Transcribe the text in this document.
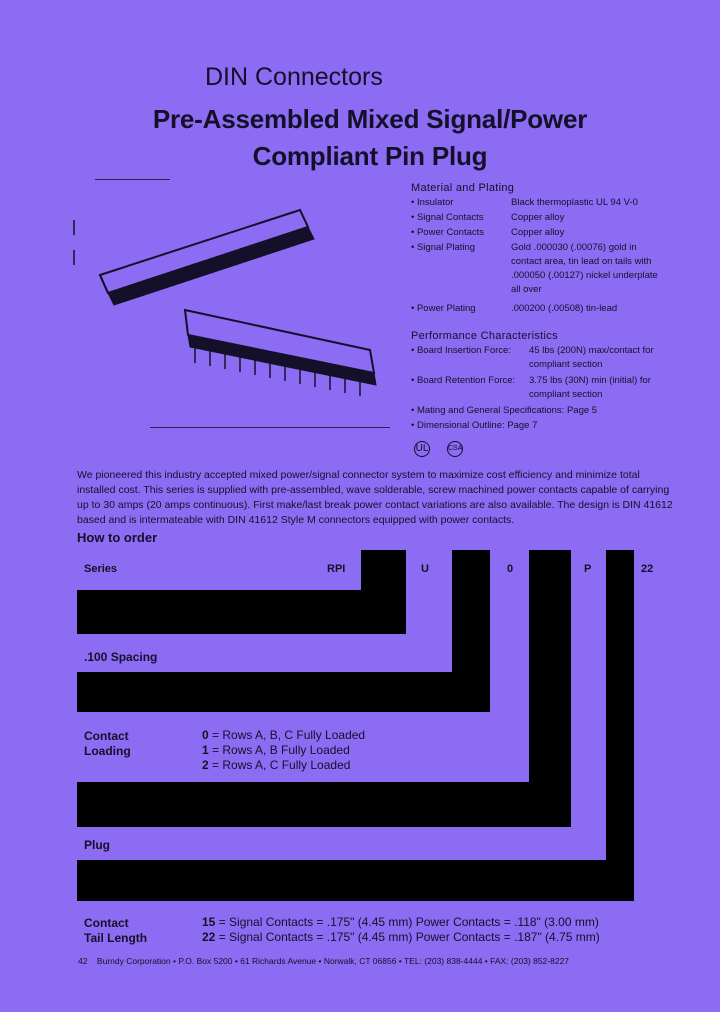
DIN Connectors
Pre-Assembled Mixed Signal/Power
Compliant Pin Plug
Material and Plating
• Insulator	Black thermoplastic UL 94 V-0
• Signal Contacts	Copper alloy
• Power Contacts	Copper alloy
• Signal Plating	Gold .000030 (.00076) gold in contact area, tin lead on tails with .000050 (.00127) nickel underplate all over
• Power Plating	.000200 (.00508) tin-lead
Performance Characteristics
• Board Insertion Force: 45 lbs (200N) max/contact for compliant section
• Board Retention Force: 3.75 lbs (30N) min (initial) for compliant section
• Mating and General Specifications: Page 5
• Dimensional Outline: Page 7
UL	CSA
We pioneered this industry accepted mixed power/signal connector system to maximize cost efficiency and minimize total installed cost. This series is supplied with pre-assembled, wave solderable, screw machined power contacts capable of carrying up to 30 amps (20 amps continuous). First make/last break power contact variations are also available. The design is DIN 41612 based and is intermateable with DIN 41612 Style M connectors equipped with power contacts.
How to order
Series	RPI	U	0	P	22
.100 Spacing
Contact
Loading
0 = Rows A, B, C Fully Loaded
1 = Rows A, B Fully Loaded
2 = Rows A, C Fully Loaded
Plug
Contact
Tail Length
15 = Signal Contacts = .175" (4.45 mm) Power Contacts = .118" (3.00 mm)
22 = Signal Contacts = .175" (4.45 mm) Power Contacts = .187" (4.75 mm)
42 Burndy Corporation • P.O. Box 5200 • 61 Richards Avenue • Norwalk, CT 06856 • TEL: (203) 838-4444 • FAX: (203) 852-8227
